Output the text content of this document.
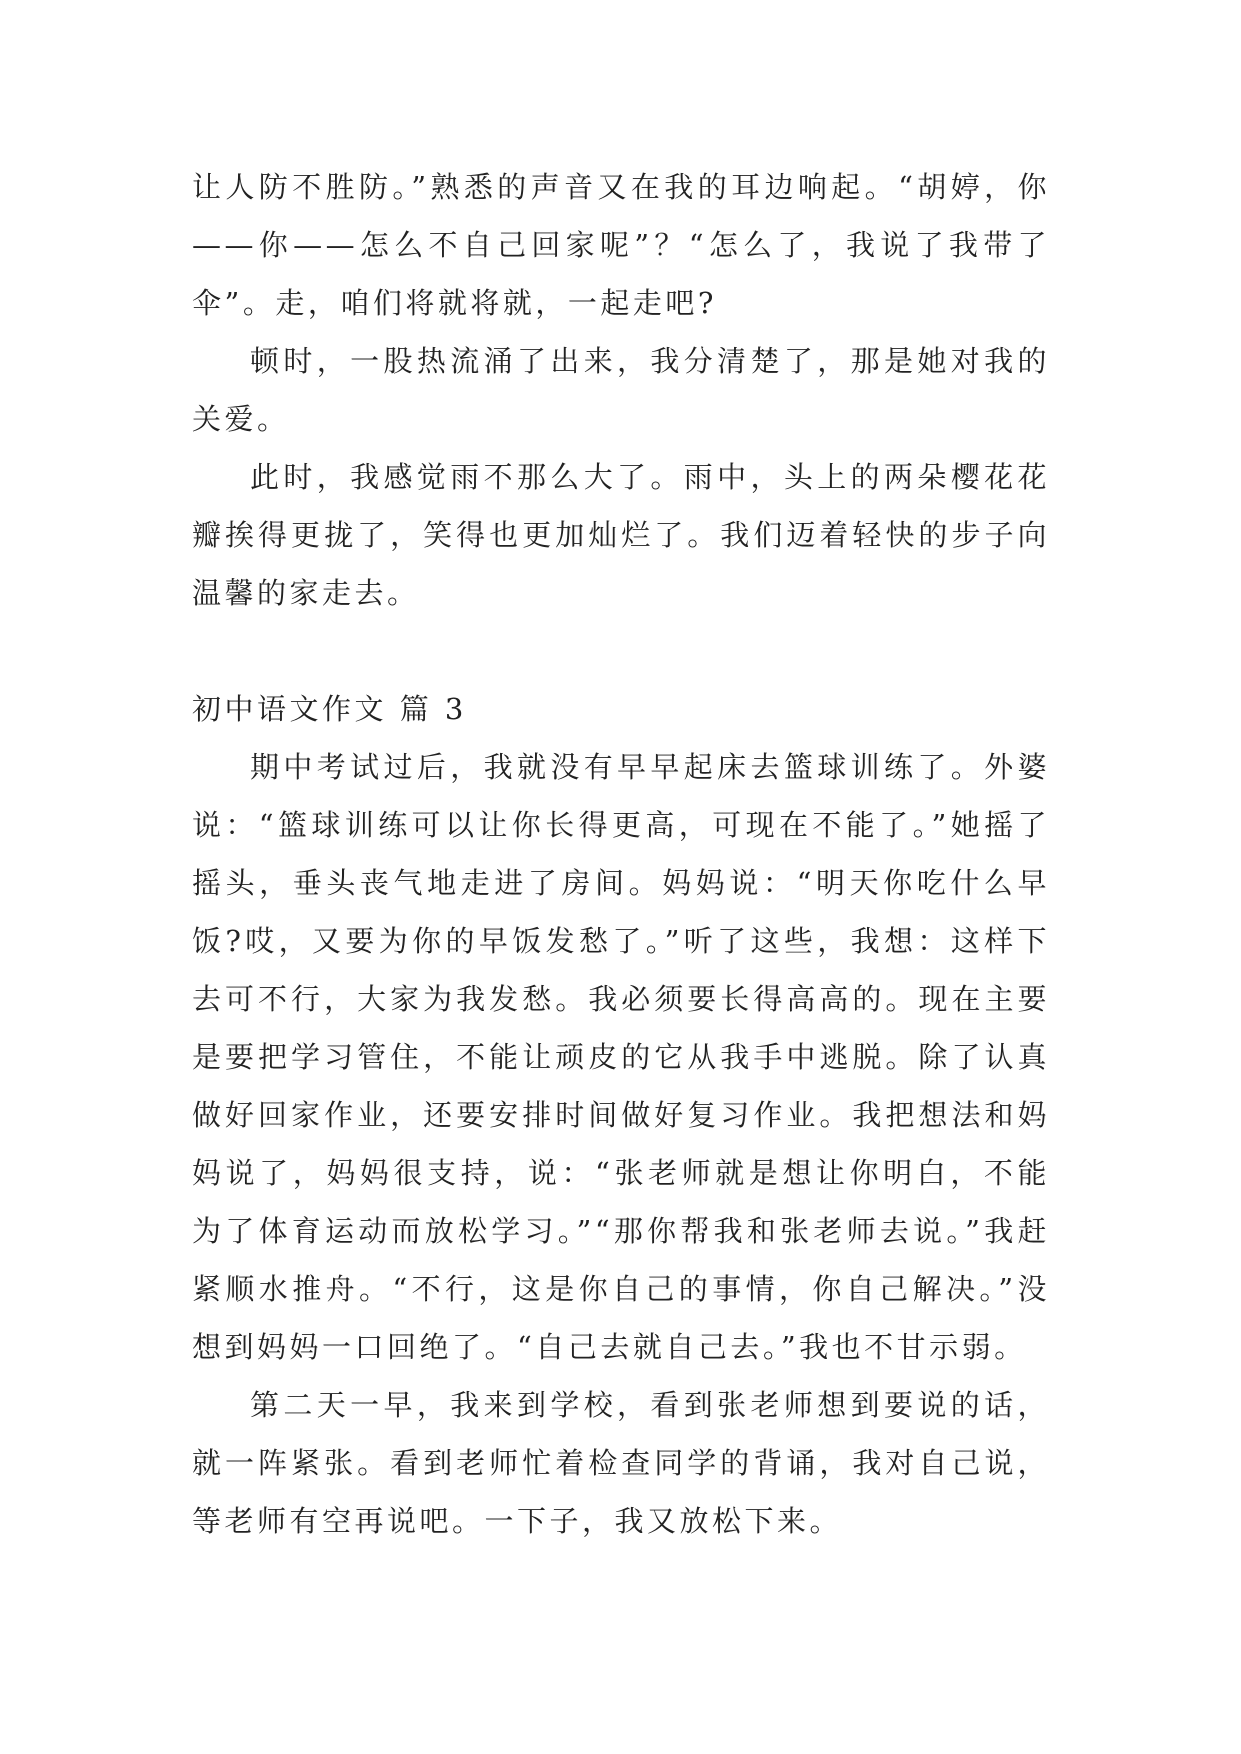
让人防不胜防。”熟悉的声音又在我的耳边响起。“胡婷，你——你——怎么不自己回家呢”？“怎么了，我说了我带了伞”。走，咱们将就将就，一起走吧?

顿时，一股热流涌了出来，我分清楚了，那是她对我的关爱。

此时，我感觉雨不那么大了。雨中，头上的两朵樱花花瓣挨得更拢了，笑得也更加灿烂了。我们迈着轻快的步子向温馨的家走去。

初中语文作文 篇 3

期中考试过后，我就没有早早起床去篮球训练了。外婆说：“篮球训练可以让你长得更高，可现在不能了。”她摇了摇头，垂头丧气地走进了房间。妈妈说：“明天你吃什么早饭?哎，又要为你的早饭发愁了。”听了这些，我想：这样下去可不行，大家为我发愁。我必须要长得高高的。现在主要是要把学习管住，不能让顽皮的它从我手中逃脱。除了认真做好回家作业，还要安排时间做好复习作业。我把想法和妈妈说了，妈妈很支持，说：“张老师就是想让你明白，不能为了体育运动而放松学习。”“那你帮我和张老师去说。”我赶紧顺水推舟。“不行，这是你自己的事情，你自己解决。”没想到妈妈一口回绝了。“自己去就自己去。”我也不甘示弱。

第二天一早，我来到学校，看到张老师想到要说的话，就一阵紧张。看到老师忙着检查同学的背诵，我对自己说，等老师有空再说吧。一下子，我又放松下来。
